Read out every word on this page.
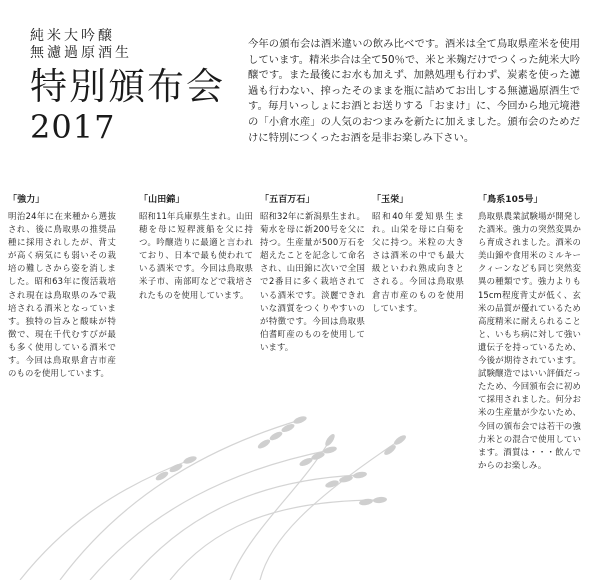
純米大吟醸
無濾過原酒生
特別頒布会
2017
今年の頒布会は酒米違いの飲み比べです。酒米は全て鳥取県産米を使用しています。精米歩合は全て50％で、米と米麹だけでつくった純米大吟醸です。また最後にお水も加えず、加熱処理も行わず、炭素を使った濾過も行わない、搾ったそのままを瓶に詰めてお出しする無濾過原酒生です。毎月いっしょにお酒とお送りする「おまけ」に、今回から地元境港の「小倉水産」の人気のおつまみを新たに加えました。頒布会のためだけに特別につくったお酒を是非お楽しみ下さい。
「強力」
明治24年に在来種から選抜され、後に鳥取県の推奨品種に採用されしたが、背丈が高く病気にも弱いその栽培の難しさから姿を消しました。昭和63年に復活栽培され現在は鳥取県のみで栽培される酒米となっています。独特の旨みと酸味が特徴で、現在千代むすびが最も多く使用している酒米です。今回は鳥取県倉吉市産のものを使用しています。
「山田錦」
昭和11年兵庫県生まれ。山田穂を母に短稈渡船を父に持つ。吟醸造りに最適と言われており、日本で最も使われている酒米です。今回は鳥取県米子市、南部町などで栽培されたものを使用しています。
「五百万石」
昭和32年に新潟県生まれ。菊水を母に新200号を父に持つ。生産量が500万石を超えたことを記念して命名され、山田錦に次いで全国で2番目に多く栽培されている酒米です。淡麗できれいな酒質をつくりやすいのが特徴です。今回は鳥取県伯耆町産のものを使用しています。
「玉栄」
昭和40年愛知県生まれ。山栄を母に白菊を父に持つ。米粒の大きさは酒米の中でも最大級といわれ熟成向きとされる。今回は鳥取県倉吉市産のものを使用しています。
「鳥系105号」
鳥取県農業試験場が開発した酒米。強力の突然変異から育成されました。酒米の美山錦や食用米のミルキークィーンなども同じ突然変異の種類です。強力よりも15cm程度背丈が低く、玄米の品質が優れているため高度精米に耐えられることと、いもち病に対して強い遺伝子を持っているため、今後が期待されています。試験醸造ではいい評価だったため、今回頒布会に初めて採用されました。何分お米の生産量が少ないため、今回の頒布会では若干の強力米との混合で使用しています。酒質は・・・飲んでからのお楽しみ。
